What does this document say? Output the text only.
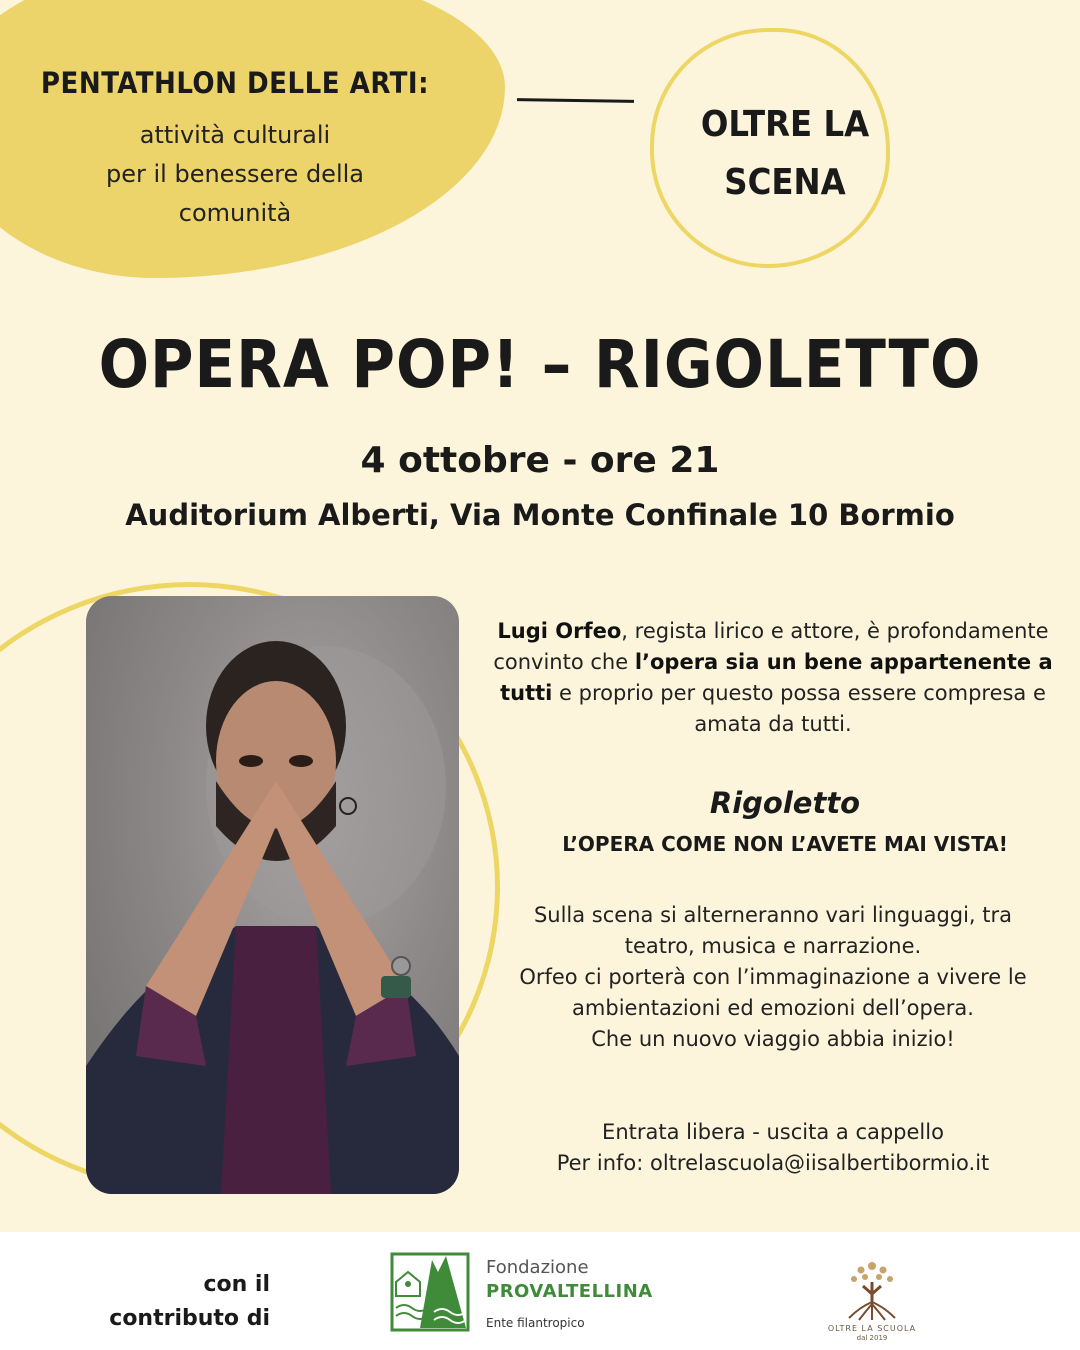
PENTATHLON DELLE ARTI:
attività culturali
per il benessere della
comunità
OLTRE LA
SCENA
OPERA POP! – RIGOLETTO
4 ottobre - ore 21
Auditorium Alberti, Via Monte Confinale 10 Bormio
Lugi Orfeo, regista lirico e attore, è profondamente convinto che l’opera sia un bene appartenente a tutti e proprio per questo possa essere compresa e amata da tutti.
Rigoletto
L’OPERA COME NON L’AVETE MAI VISTA!
Sulla scena si alterneranno vari linguaggi, tra
teatro, musica e narrazione.
Orfeo ci porterà con l’immaginazione a vivere le
ambientazioni ed emozioni dell’opera.
Che un nuovo viaggio abbia inizio!
Entrata libera - uscita a cappello
Per info: oltrelascuola@iisalbertibormio.it
con il
contributo di
Fondazione
PROVALTELLINA
Ente filantropico	OLTRE LA SCUOLA
dal 2019
